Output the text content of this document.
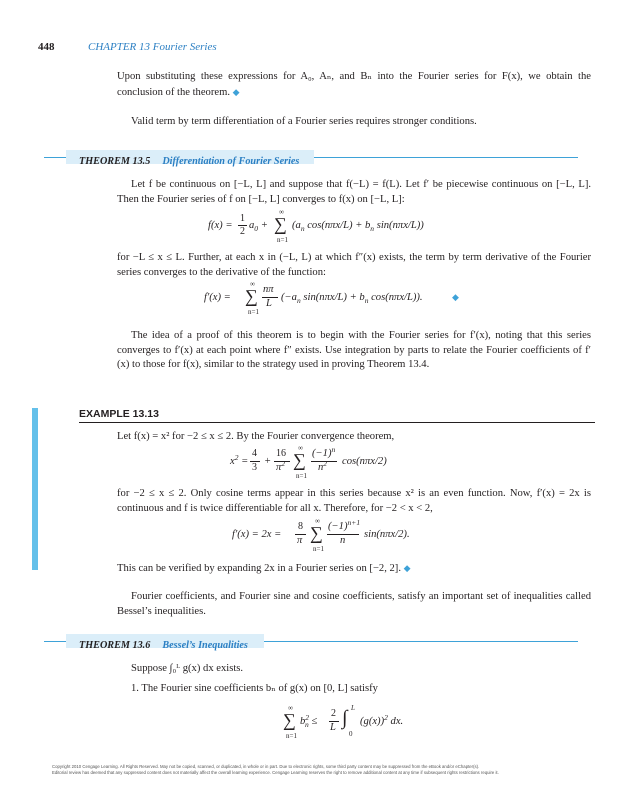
448	CHAPTER 13 Fourier Series
Upon substituting these expressions for A₀, Aₙ, and Bₙ into the Fourier series for F(x), we obtain the conclusion of the theorem. ◆
Valid term by term differentiation of a Fourier series requires stronger conditions.
THEOREM 13.5 Differentiation of Fourier Series
Let f be continuous on [−L, L] and suppose that f(−L) = f(L). Let f′ be piecewise continuous on [−L, L]. Then the Fourier series of f on [−L, L] converges to f(x) on [−L, L]:
f(x) =
1
2
$a_0$ +
∞
∑
n=1
($a_n$ $\cos(n\pi x/L) + b_n$ sin(nπx/L))
for −L ≤ x ≤ L. Further, at each x in (−L, L) at which f″(x) exists, the term by term derivative of the Fourier series converges to the derivative of the function:
f′(x) =
∞
∑
n=1
nπ
L
($-a_n$ $\sin(n\pi x/L) + b_n$ cos(nπx/L)).	◆
The idea of a proof of this theorem is to begin with the Fourier series for f′(x), noting that this series converges to f′(x) at each point where f″ exists. Use integration by parts to relate the Fourier coefficients of f′(x) to those for f(x), similar to the strategy used in proving Theorem 13.4.
EXAMPLE 13.13
Let f(x) = x² for −2 ≤ x ≤ 2. By the Fourier convergence theorem,
$x^2$ =
4
3
+
16
$\pi^2$
∞
∑
n=1
$(-1)^n$
$n^2$ cos(nπx/2)
for −2 ≤ x ≤ 2. Only cosine terms appear in this series because x² is an even function. Now, f′(x) = 2x is continuous and f is twice differentiable for all x. Therefore, for −2 < x < 2,
f′(x) = 2x =
8
π
∞
∑
n=1
$(-1)^{n+1}$
n
sin(nπx/2).
This can be verified by expanding 2x in a Fourier series on [−2, 2]. ◆
Fourier coefficients, and Fourier sine and cosine coefficients, satisfy an important set of inequalities called Bessel’s inequalities.
THEOREM 13.6 Bessel’s Inequalities
Suppose ∫₀ᴸ g(x) dx exists.
1. The Fourier sine coefficients bₙ of g(x) on [0, L] satisfy
∞
∑
n=1
$b^2_n$ ≤
2
L ∫ L
0
$(g(x))^2$ dx.
Copyright 2010 Cengage Learning. All Rights Reserved. May not be copied, scanned, or duplicated, in whole or in part. Due to electronic rights, some third party content may be suppressed from the eBook and/or eChapter(s).
Editorial review has deemed that any suppressed content does not materially affect the overall learning experience. Cengage Learning reserves the right to remove additional content at any time if subsequent rights restrictions require it.
